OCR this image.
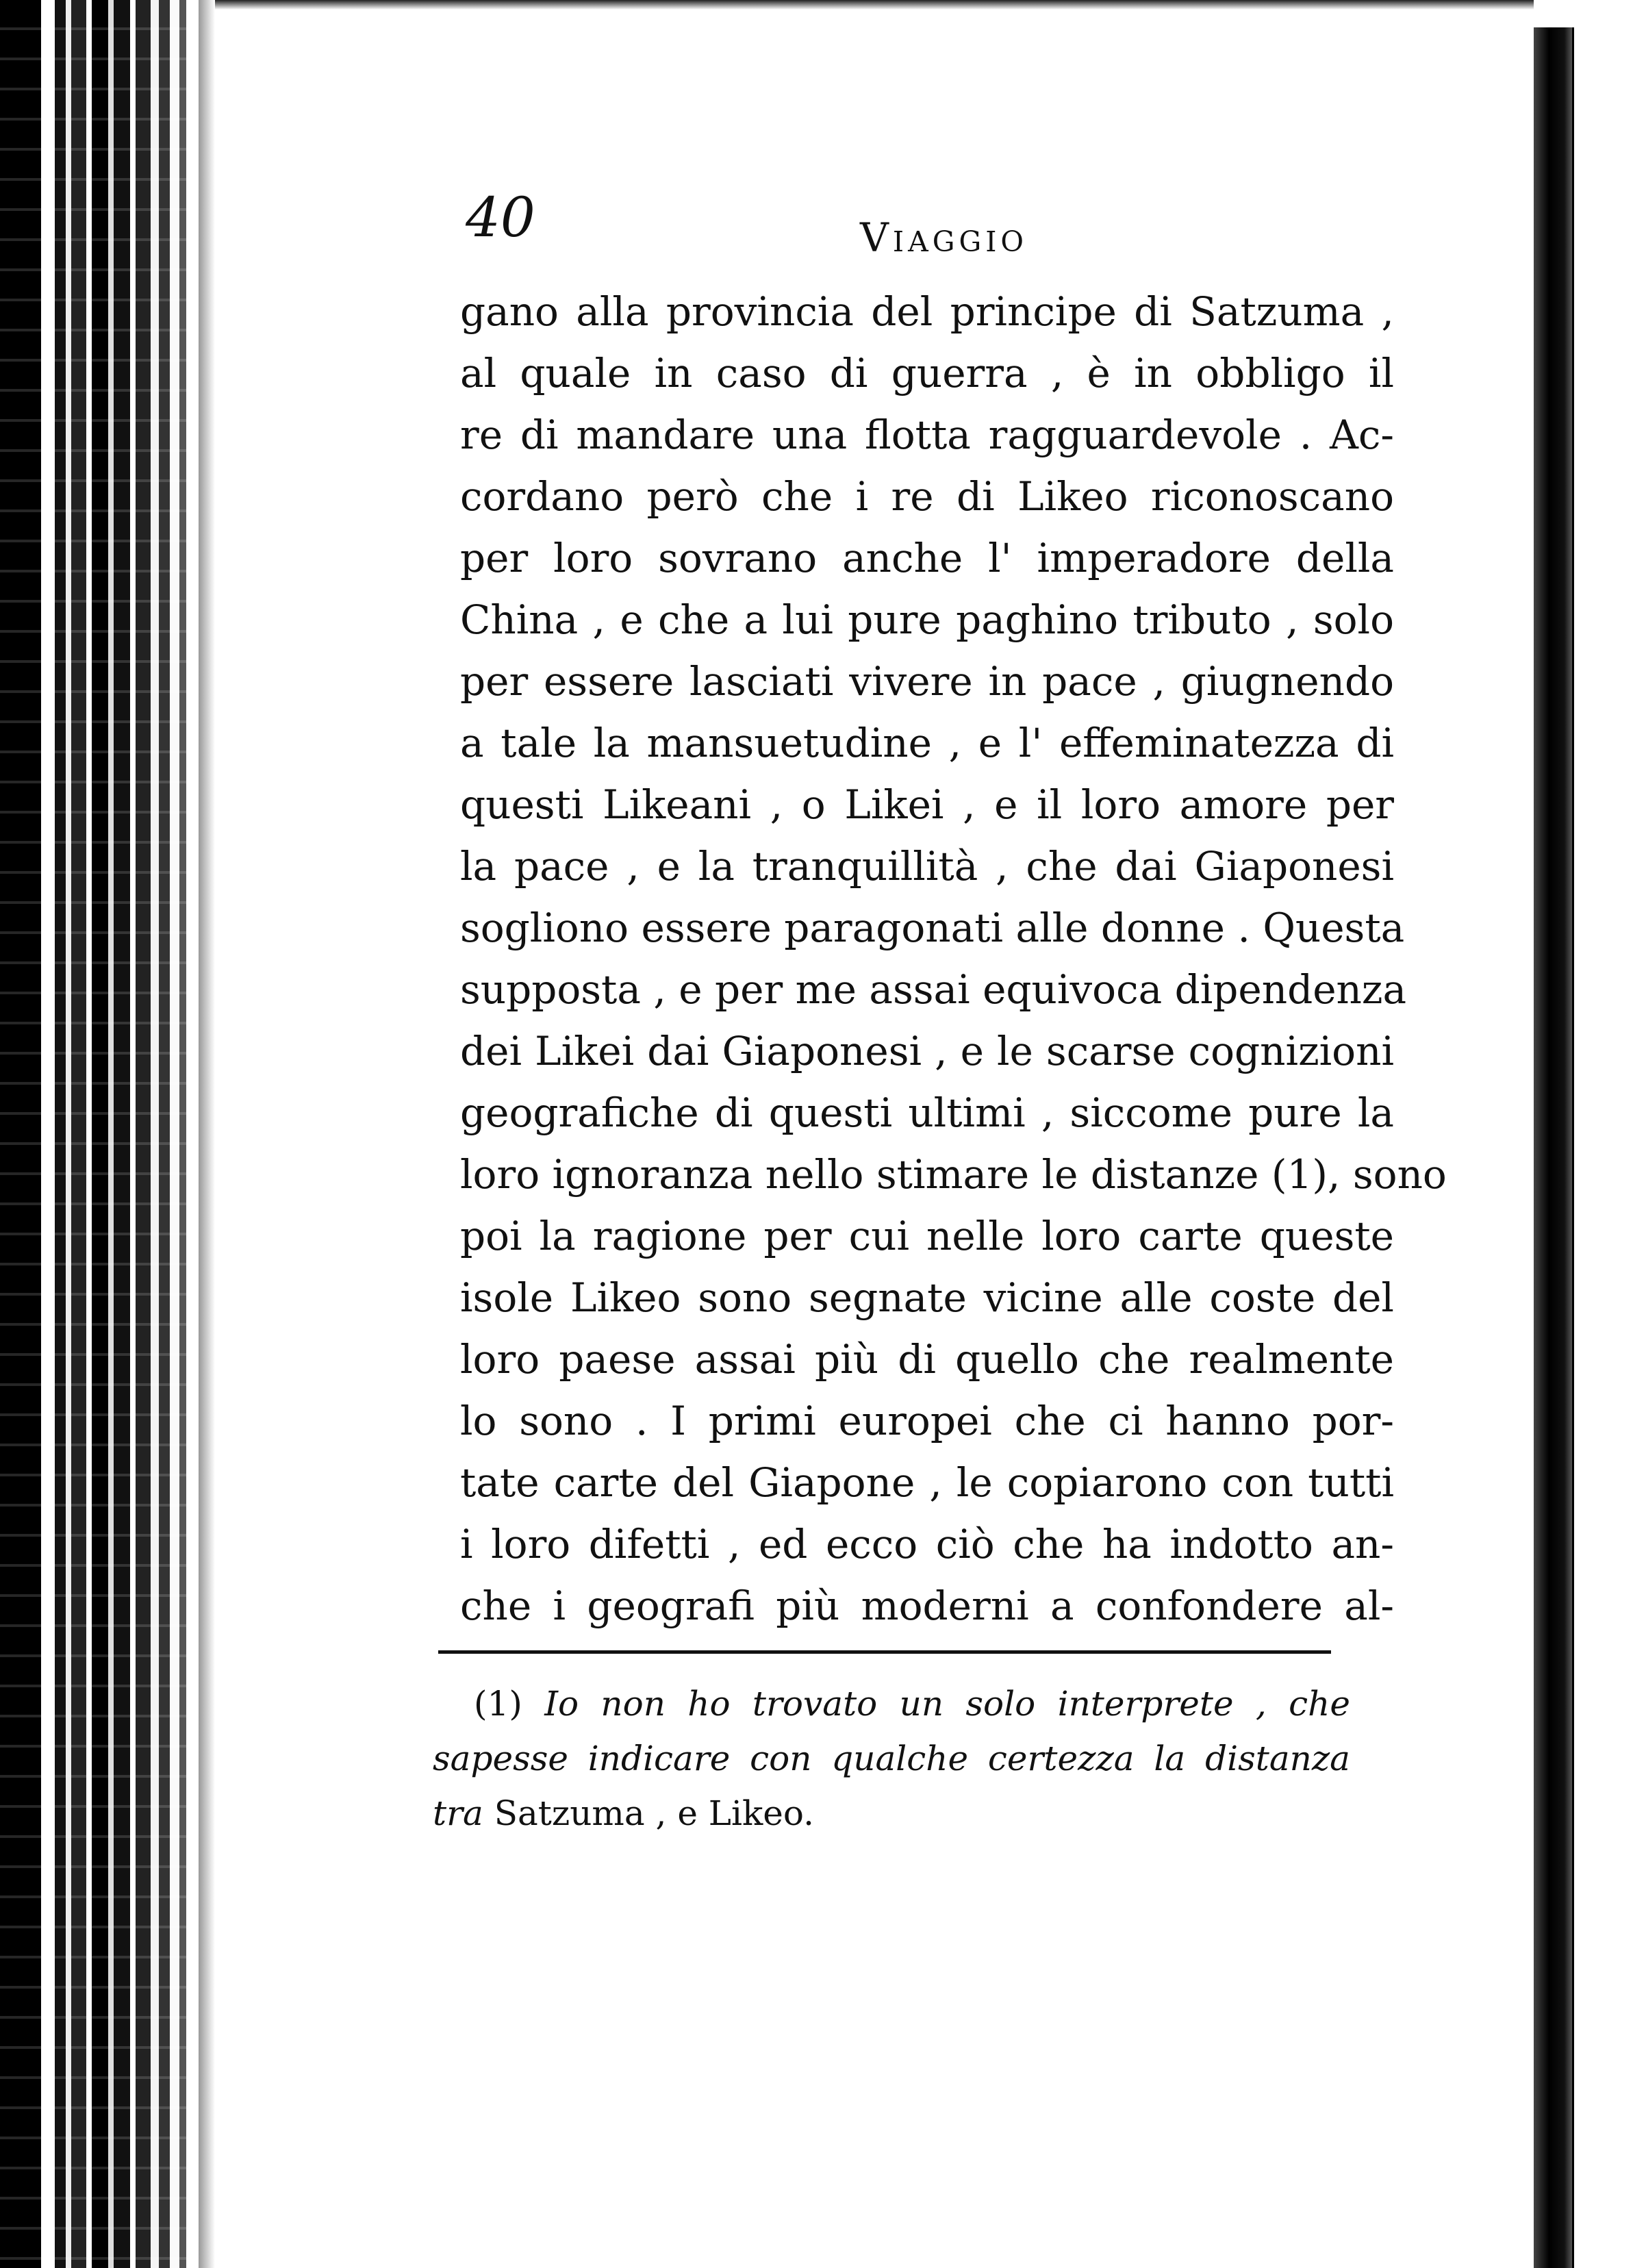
40	Viaggio
gano alla provincia del principe di Satzuma ,
al quale in caso di guerra , è in obbligo il
re di mandare una flotta ragguardevole . Ac-
cordano però che i re di Likeo riconoscano
per loro sovrano anche l' imperadore della
China , e che a lui pure paghino tributo , solo
per essere lasciati vivere in pace , giugnendo
a tale la mansuetudine , e l' effeminatezza di
questi Likeani , o Likei , e il loro amore per
la pace , e la tranquillità , che dai Giaponesi
sogliono essere paragonati alle donne . Questa
supposta , e per me assai equivoca dipendenza
dei Likei dai Giaponesi , e le scarse cognizioni
geografiche di questi ultimi , siccome pure la
loro ignoranza nello stimare le distanze (1), sono
poi la ragione per cui nelle loro carte queste
isole Likeo sono segnate vicine alle coste del
loro paese assai più di quello che realmente
lo sono . I primi europei che ci hanno por-
tate carte del Giapone , le copiarono con tutti
i loro difetti , ed ecco ciò che ha indotto an-
che i geografi più moderni a confondere al-
(1) Io non ho trovato un solo interprete , che
sapesse indicare con qualche certezza la distanza
tra Satzuma , e Likeo.
